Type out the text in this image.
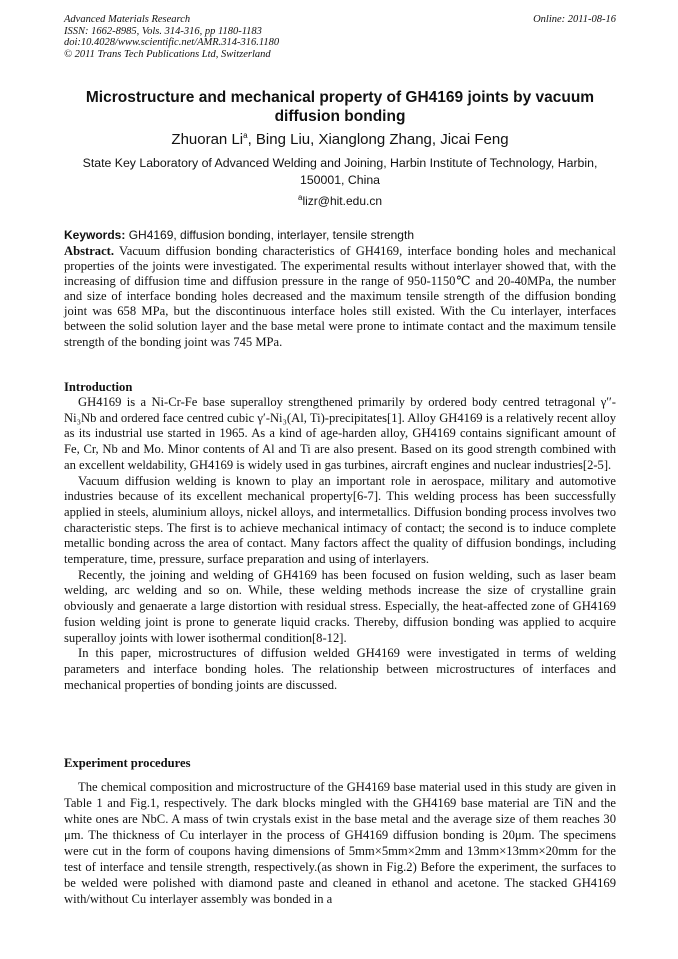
Advanced Materials Research
ISSN: 1662-8985, Vols. 314-316, pp 1180-1183
doi:10.4028/www.scientific.net/AMR.314-316.1180
© 2011 Trans Tech Publications Ltd, Switzerland
Online: 2011-08-16
Microstructure and mechanical property of GH4169 joints by vacuum diffusion bonding
Zhuoran Li$^a$, Bing Liu, Xianglong Zhang, Jicai Feng
State Key Laboratory of Advanced Welding and Joining, Harbin Institute of Technology, Harbin, 150001, China
$^a$lizr@hit.edu.cn
Keywords: GH4169, diffusion bonding, interlayer, tensile strength
Abstract. Vacuum diffusion bonding characteristics of GH4169, interface bonding holes and mechanical properties of the joints were investigated. The experimental results without interlayer showed that, with the increasing of diffusion time and diffusion pressure in the range of 950-1150℃ and 20-40MPa, the number and size of interface bonding holes decreased and the maximum tensile strength of the diffusion bonding joint was 658 MPa, but the discontinuous interface holes still existed. With the Cu interlayer, interfaces between the solid solution layer and the base metal were prone to intimate contact and the maximum tensile strength of the bonding joint was 745 MPa.
Introduction

GH4169 is a Ni-Cr-Fe base superalloy strengthened primarily by ordered body centred tetragonal γ′′-Ni₃Nb and ordered face centred cubic γ′-Ni₃(Al, Ti)-precipitates[1]. Alloy GH4169 is a relatively recent alloy as its industrial use started in 1965. As a kind of age-harden alloy, GH4169 contains significant amount of Fe, Cr, Nb and Mo. Minor contents of Al and Ti are also present. Based on its good strength combined with an excellent weldability, GH4169 is widely used in gas turbines, aircraft engines and nuclear industries[2-5].

Vacuum diffusion welding is known to play an important role in aerospace, military and automotive industries because of its excellent mechanical property[6-7]. This welding process has been successfully applied in steels, aluminium alloys, nickel alloys, and intermetallics. Diffusion bonding process involves two characteristic steps. The first is to achieve mechanical intimacy of contact; the second is to induce complete metallic bonding across the area of contact. Many factors affect the quality of diffusion bondings, including temperature, time, pressure, surface preparation and using of interlayers.

Recently, the joining and welding of GH4169 has been focused on fusion welding, such as laser beam welding, arc welding and so on. While, these welding methods increase the size of crystalline grain obviously and genaerate a large distortion with residual stress. Especially, the heat-affected zone of GH4169 fusion welding joint is prone to generate liquid cracks. Thereby, diffusion bonding was applied to acquire superalloy joints with lower isothermal condition[8-12].

In this paper, microstructures of diffusion welded GH4169 were investigated in terms of welding parameters and interface bonding holes. The relationship between microstructures of interfaces and mechanical properties of bonding joints are discussed.

Experiment procedures

The chemical composition and microstructure of the GH4169 base material used in this study are given in Table 1 and Fig.1, respectively. The dark blocks mingled with the GH4169 base material are TiN and the white ones are NbC. A mass of twin crystals exist in the base metal and the average size of them reaches 30 μm. The thickness of Cu interlayer in the process of GH4169 diffusion bonding is 20μm. The specimens were cut in the form of coupons having dimensions of 5mm×5mm×2mm and 13mm×13mm×20mm for the test of interface and tensile strength, respectively.(as shown in Fig.2) Before the experiment, the surfaces to be welded were polished with diamond paste and cleaned in ethanol and acetone. The stacked GH4169 with/without Cu interlayer assembly was bonded in a
